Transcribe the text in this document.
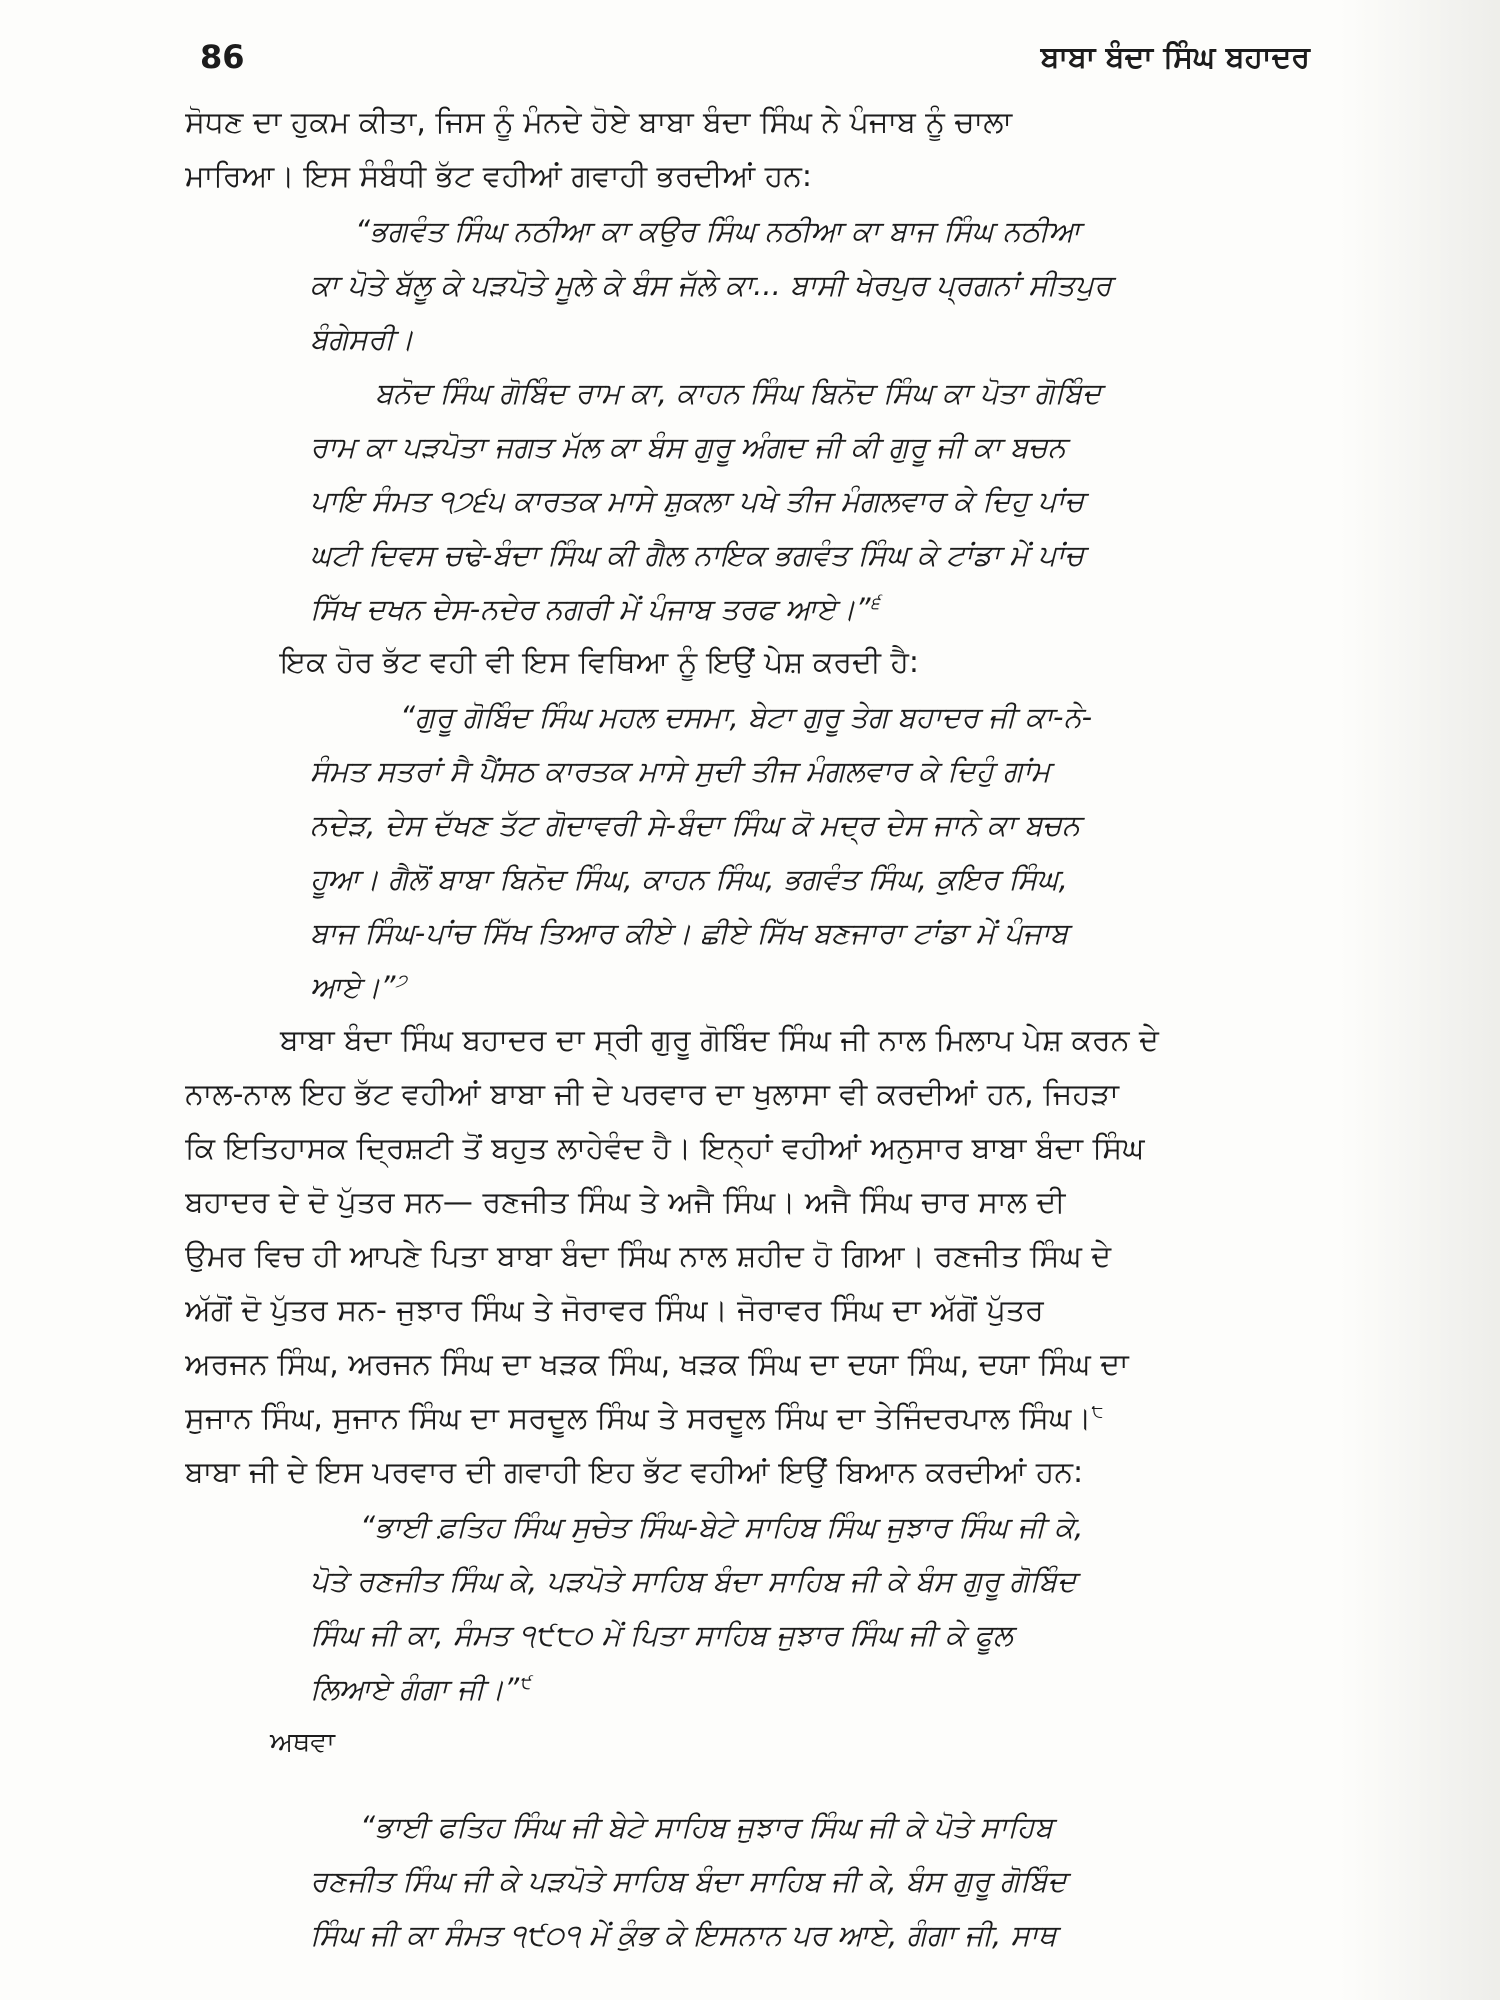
86	ਬਾਬਾ ਬੰਦਾ ਸਿੰਘ ਬਹਾਦਰ
ਸੋਧਣ ਦਾ ਹੁਕਮ ਕੀਤਾ, ਜਿਸ ਨੂੰ ਮੰਨਦੇ ਹੋਏ ਬਾਬਾ ਬੰਦਾ ਸਿੰਘ ਨੇ ਪੰਜਾਬ ਨੂੰ ਚਾਲਾ
ਮਾਰਿਆ। ਇਸ ਸੰਬੰਧੀ ਭੱਟ ਵਹੀਆਂ ਗਵਾਹੀ ਭਰਦੀਆਂ ਹਨ:
“ਭਗਵੰਤ ਸਿੰਘ ਨਠੀਆ ਕਾ ਕਉਰ ਸਿੰਘ ਨਠੀਆ ਕਾ ਬਾਜ ਸਿੰਘ ਨਠੀਆ
ਕਾ ਪੋਤੇ ਬੱਲੂ ਕੇ ਪੜਪੋਤੇ ਮੂਲੇ ਕੇ ਬੰਸ ਜੱਲੇ ਕਾ... ਬਾਸੀ ਖੇਰਪੁਰ ਪ੍ਰਗਨਾਂ ਸੀਤਪੁਰ
ਬੰਗੇਸਰੀ।
ਬਨੋਦ ਸਿੰਘ ਗੋਬਿੰਦ ਰਾਮ ਕਾ, ਕਾਹਨ ਸਿੰਘ ਬਿਨੋਦ ਸਿੰਘ ਕਾ ਪੋਤਾ ਗੋਬਿੰਦ
ਰਾਮ ਕਾ ਪੜਪੋਤਾ ਜਗਤ ਮੱਲ ਕਾ ਬੰਸ ਗੁਰੂ ਅੰਗਦ ਜੀ ਕੀ ਗੁਰੂ ਜੀ ਕਾ ਬਚਨ
ਪਾਇ ਸੰਮਤ ੧੭੬੫ ਕਾਰਤਕ ਮਾਸੇ ਸ਼ੁਕਲਾ ਪਖੇ ਤੀਜ ਮੰਗਲਵਾਰ ਕੇ ਦਿਹੁ ਪਾਂਚ
ਘਟੀ ਦਿਵਸ ਚਢੇ-ਬੰਦਾ ਸਿੰਘ ਕੀ ਗੈਲ ਨਾਇਕ ਭਗਵੰਤ ਸਿੰਘ ਕੇ ਟਾਂਡਾ ਮੇਂ ਪਾਂਚ
ਸਿੱਖ ਦਖਨ ਦੇਸ-ਨਦੇਰ ਨਗਰੀ ਮੇਂ ਪੰਜਾਬ ਤਰਫ ਆਏ।”$^੬$
ਇਕ ਹੋਰ ਭੱਟ ਵਹੀ ਵੀ ਇਸ ਵਿਥਿਆ ਨੂੰ ਇਉਂ ਪੇਸ਼ ਕਰਦੀ ਹੈ:
“ਗੁਰੂ ਗੋਬਿੰਦ ਸਿੰਘ ਮਹਲ ਦਸਮਾ, ਬੇਟਾ ਗੁਰੂ ਤੇਗ ਬਹਾਦਰ ਜੀ ਕਾ-ਨੇ-
ਸੰਮਤ ਸਤਰਾਂ ਸੈ ਪੈਂਸਠ ਕਾਰਤਕ ਮਾਸੇ ਸੁਦੀ ਤੀਜ ਮੰਗਲਵਾਰ ਕੇ ਦਿਹੁੰ ਗਾਂਮ
ਨਦੇੜ, ਦੇਸ ਦੱਖਣ ਤੱਟ ਗੋਦਾਵਰੀ ਸੇ-ਬੰਦਾ ਸਿੰਘ ਕੋ ਮਦ੍ਰ ਦੇਸ ਜਾਨੇ ਕਾ ਬਚਨ
ਹੂਆ। ਗੈਲੋਂ ਬਾਬਾ ਬਿਨੋਦ ਸਿੰਘ, ਕਾਹਨ ਸਿੰਘ, ਭਗਵੰਤ ਸਿੰਘ, ਕੁਇਰ ਸਿੰਘ,
ਬਾਜ ਸਿੰਘ-ਪਾਂਚ ਸਿੱਖ ਤਿਆਰ ਕੀਏ। ਛੀਏ ਸਿੱਖ ਬਣਜਾਰਾ ਟਾਂਡਾ ਮੇਂ ਪੰਜਾਬ
ਆਏ।”$^੭$
ਬਾਬਾ ਬੰਦਾ ਸਿੰਘ ਬਹਾਦਰ ਦਾ ਸ੍ਰੀ ਗੁਰੂ ਗੋਬਿੰਦ ਸਿੰਘ ਜੀ ਨਾਲ ਮਿਲਾਪ ਪੇਸ਼ ਕਰਨ ਦੇ
ਨਾਲ-ਨਾਲ ਇਹ ਭੱਟ ਵਹੀਆਂ ਬਾਬਾ ਜੀ ਦੇ ਪਰਵਾਰ ਦਾ ਖੁਲਾਸਾ ਵੀ ਕਰਦੀਆਂ ਹਨ, ਜਿਹੜਾ
ਕਿ ਇਤਿਹਾਸਕ ਦ੍ਰਿਸ਼ਟੀ ਤੋਂ ਬਹੁਤ ਲਾਹੇਵੰਦ ਹੈ। ਇਨ੍ਹਾਂ ਵਹੀਆਂ ਅਨੁਸਾਰ ਬਾਬਾ ਬੰਦਾ ਸਿੰਘ
ਬਹਾਦਰ ਦੇ ਦੋ ਪੁੱਤਰ ਸਨ— ਰਣਜੀਤ ਸਿੰਘ ਤੇ ਅਜੈ ਸਿੰਘ। ਅਜੈ ਸਿੰਘ ਚਾਰ ਸਾਲ ਦੀ
ਉਮਰ ਵਿਚ ਹੀ ਆਪਣੇ ਪਿਤਾ ਬਾਬਾ ਬੰਦਾ ਸਿੰਘ ਨਾਲ ਸ਼ਹੀਦ ਹੋ ਗਿਆ। ਰਣਜੀਤ ਸਿੰਘ ਦੇ
ਅੱਗੋਂ ਦੋ ਪੁੱਤਰ ਸਨ- ਜੁਝਾਰ ਸਿੰਘ ਤੇ ਜੋਰਾਵਰ ਸਿੰਘ। ਜੋਰਾਵਰ ਸਿੰਘ ਦਾ ਅੱਗੋਂ ਪੁੱਤਰ
ਅਰਜਨ ਸਿੰਘ, ਅਰਜਨ ਸਿੰਘ ਦਾ ਖੜਕ ਸਿੰਘ, ਖੜਕ ਸਿੰਘ ਦਾ ਦਯਾ ਸਿੰਘ, ਦਯਾ ਸਿੰਘ ਦਾ
ਸੁਜਾਨ ਸਿੰਘ, ਸੁਜਾਨ ਸਿੰਘ ਦਾ ਸਰਦੂਲ ਸਿੰਘ ਤੇ ਸਰਦੂਲ ਸਿੰਘ ਦਾ ਤੇਜਿੰਦਰਪਾਲ ਸਿੰਘ।$^੮$
ਬਾਬਾ ਜੀ ਦੇ ਇਸ ਪਰਵਾਰ ਦੀ ਗਵਾਹੀ ਇਹ ਭੱਟ ਵਹੀਆਂ ਇਉਂ ਬਿਆਨ ਕਰਦੀਆਂ ਹਨ:
“ਭਾਈ ਫ਼ਤਿਹ ਸਿੰਘ ਸੁਚੇਤ ਸਿੰਘ-ਬੇਟੇ ਸਾਹਿਬ ਸਿੰਘ ਜੁਝਾਰ ਸਿੰਘ ਜੀ ਕੇ,
ਪੋਤੇ ਰਣਜੀਤ ਸਿੰਘ ਕੇ, ਪੜਪੋਤੇ ਸਾਹਿਬ ਬੰਦਾ ਸਾਹਿਬ ਜੀ ਕੇ ਬੰਸ ਗੁਰੂ ਗੋਬਿੰਦ
ਸਿੰਘ ਜੀ ਕਾ, ਸੰਮਤ ੧੯੮੦ ਮੇਂ ਪਿਤਾ ਸਾਹਿਬ ਜੁਝਾਰ ਸਿੰਘ ਜੀ ਕੇ ਫੂਲ
ਲਿਆਏ ਗੰਗਾ ਜੀ।”$^੯$
ਅਥਵਾ
“ਭਾਈ ਫਤਿਹ ਸਿੰਘ ਜੀ ਬੇਟੇ ਸਾਹਿਬ ਜੁਝਾਰ ਸਿੰਘ ਜੀ ਕੇ ਪੋਤੇ ਸਾਹਿਬ
ਰਣਜੀਤ ਸਿੰਘ ਜੀ ਕੇ ਪੜਪੋਤੇ ਸਾਹਿਬ ਬੰਦਾ ਸਾਹਿਬ ਜੀ ਕੇ, ਬੰਸ ਗੁਰੂ ਗੋਬਿੰਦ
ਸਿੰਘ ਜੀ ਕਾ ਸੰਮਤ ੧੯੦੧ ਮੇਂ ਕੁੰਭ ਕੇ ਇਸਨਾਨ ਪਰ ਆਏ, ਗੰਗਾ ਜੀ, ਸਾਥ
